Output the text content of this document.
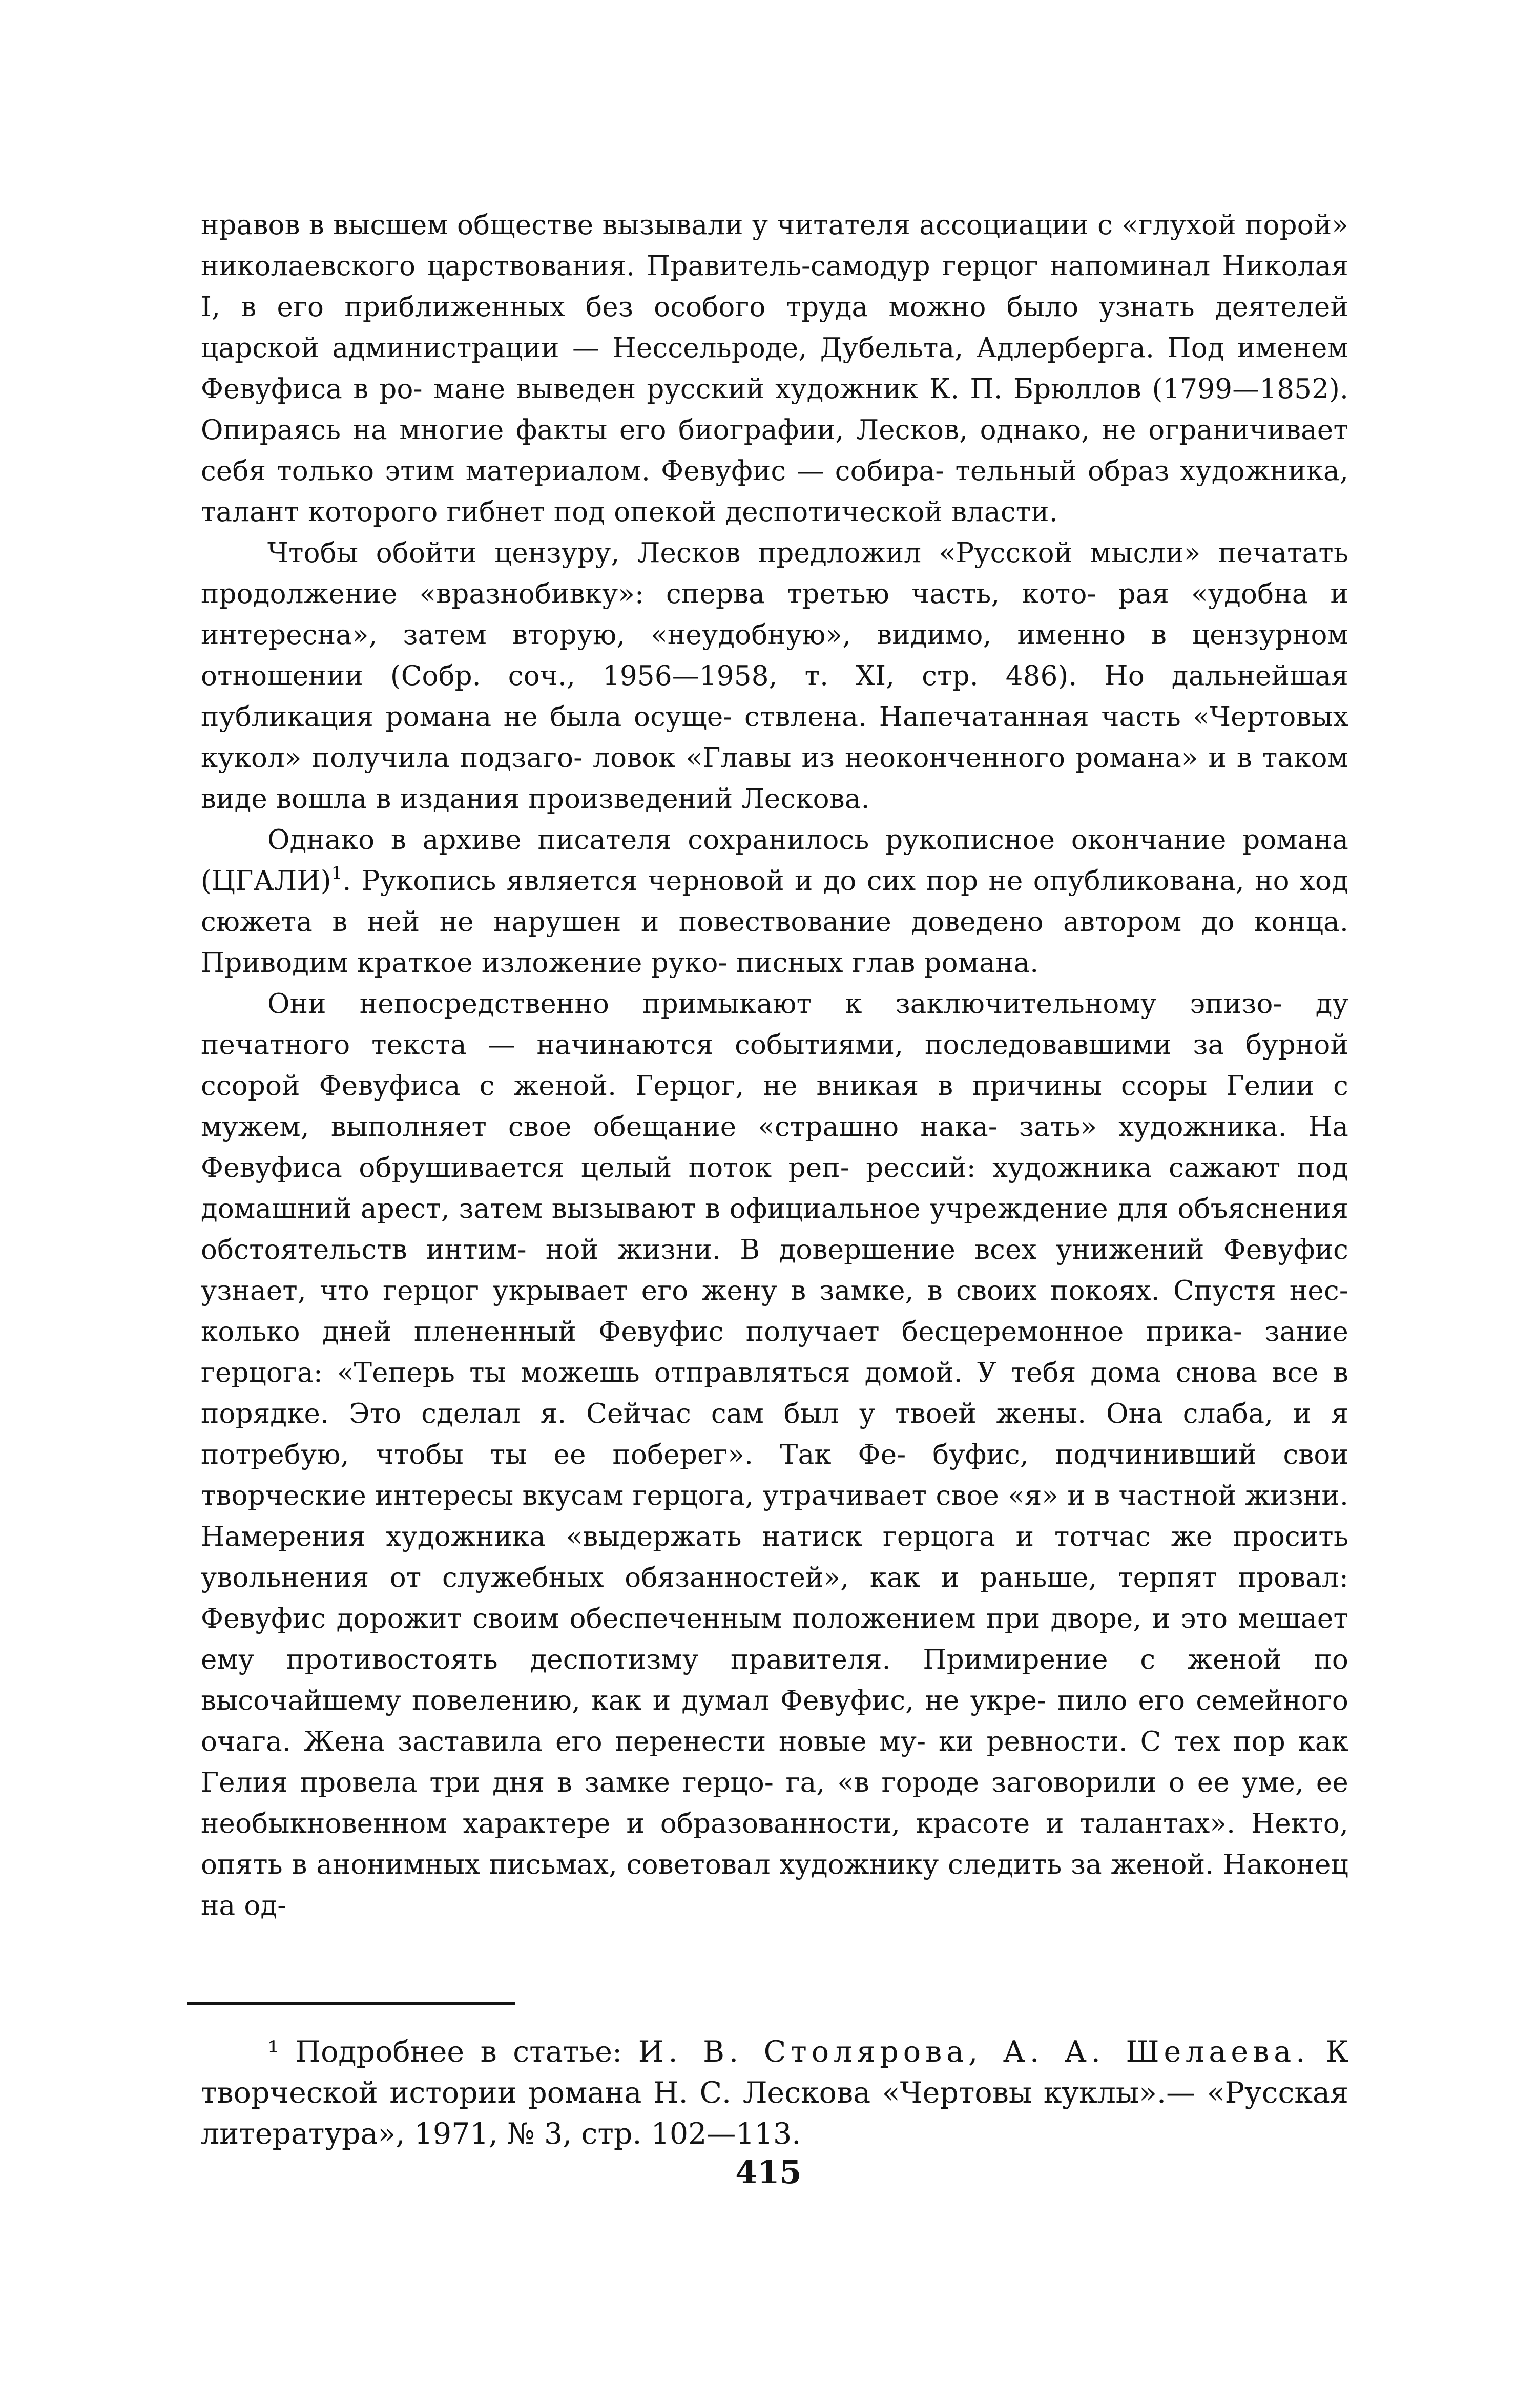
нравов в высшем обществе вызывали у читателя ассоциации с «глухой порой» николаевского царствования. Правитель-самодур герцог напоминал Николая I, в его приближенных без особого труда можно было узнать деятелей царской администрации — Нессельроде, Дубельта, Адлерберга. Под именем Февуфиса в ро- мане выведен русский художник К. П. Брюллов (1799—1852). Опираясь на многие факты его биографии, Лесков, однако, не ограничивает себя только этим материалом. Февуфис — собира- тельный образ художника, талант которого гибнет под опекой деспотической власти.

Чтобы обойти цензуру, Лесков предложил «Русской мысли» печатать продолжение «вразнобивку»: сперва третью часть, кото- рая «удобна и интересна», затем вторую, «неудобную», видимо, именно в цензурном отношении (Собр. соч., 1956—1958, т. XI, стр. 486). Но дальнейшая публикация романа не была осуще- ствлена. Напечатанная часть «Чертовых кукол» получила подзаго- ловок «Главы из неоконченного романа» и в таком виде вошла в издания произведений Лескова.

Однако в архиве писателя сохранилось рукописное окончание романа (ЦГАЛИ)$^1$. Рукопись является черновой и до сих пор не опубликована, но ход сюжета в ней не нарушен и повествование доведено автором до конца. Приводим краткое изложение руко- писных глав романа.

Они непосредственно примыкают к заключительному эпизо- ду печатного текста — начинаются событиями, последовавшими за бурной ссорой Февуфиса с женой. Герцог, не вникая в причины ссоры Гелии с мужем, выполняет свое обещание «страшно нака- зать» художника. На Февуфиса обрушивается целый поток реп- рессий: художника сажают под домашний арест, затем вызывают в официальное учреждение для объяснения обстоятельств интим- ной жизни. В довершение всех унижений Февуфис узнает, что герцог укрывает его жену в замке, в своих покоях. Спустя нес- колько дней плененный Февуфис получает бесцеремонное прика- зание герцога: «Теперь ты можешь отправляться домой. У тебя дома снова все в порядке. Это сделал я. Сейчас сам был у твоей жены. Она слаба, и я потребую, чтобы ты ее поберег». Так Фе- буфис, подчинивший свои творческие интересы вкусам герцога, утрачивает свое «я» и в частной жизни. Намерения художника «выдержать натиск герцога и тотчас же просить увольнения от служебных обязанностей», как и раньше, терпят провал: Февуфис дорожит своим обеспеченным положением при дворе, и это мешает ему противостоять деспотизму правителя. Примирение с женой по высочайшему повелению, как и думал Февуфис, не укре- пило его семейного очага. Жена заставила его перенести новые му- ки ревности. С тех пор как Гелия провела три дня в замке герцо- га, «в городе заговорили о ее уме, ее необыкновенном характере и образованности, красоте и талантах». Некто, опять в анонимных письмах, советовал художнику следить за женой. Наконец на од-

¹ Подробнее в статье: И. В. Столярова, А. А. Шелаева. К творческой истории романа Н. С. Лескова «Чертовы куклы».— «Русская литература», 1971, № 3, стр. 102—113.

415
